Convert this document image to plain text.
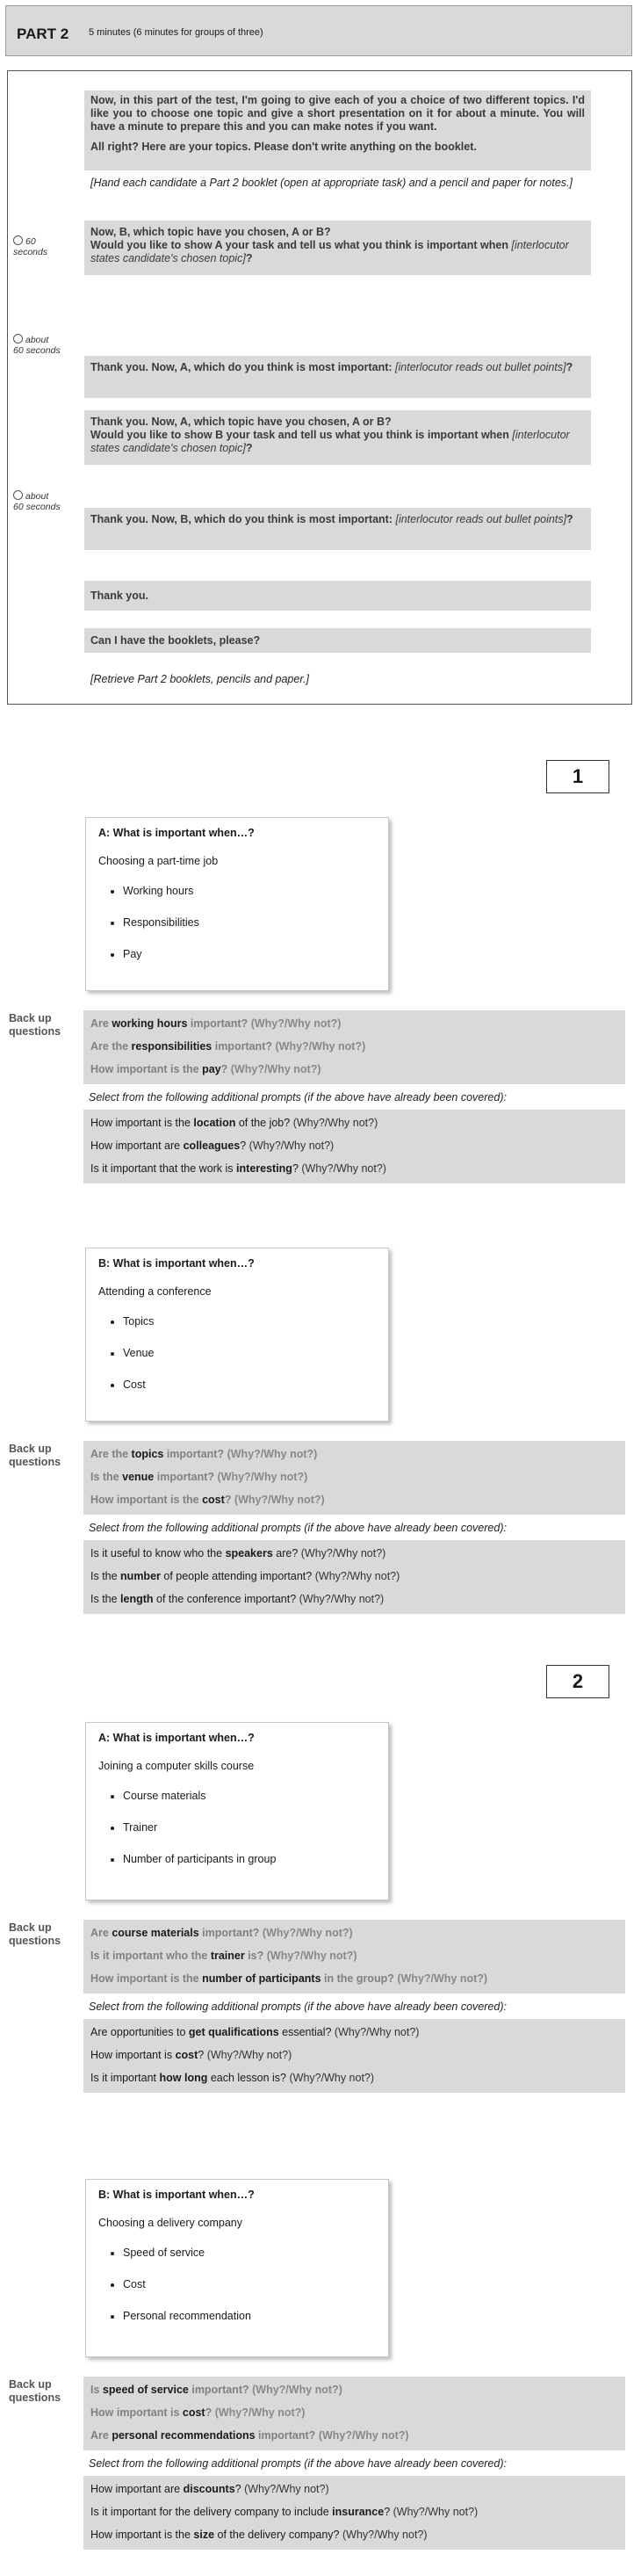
PART 2 5 minutes (6 minutes for groups of three)
Now, in this part of the test, I'm going to give each of you a choice of two different topics. I'd like you to choose one topic and give a short presentation on it for about a minute. You will have a minute to prepare this and you can make notes if you want.
All right? Here are your topics. Please don't write anything on the booklet.
[Hand each candidate a Part 2 booklet (open at appropriate task) and a pencil and paper for notes.]
60
seconds
Now, B, which topic have you chosen, A or B?
Would you like to show A your task and tell us what you think is important when [interlocutor states candidate's chosen topic]?
about
60 seconds
Thank you. Now, A, which do you think is most important: [interlocutor reads out bullet points]?
Thank you. Now, A, which topic have you chosen, A or B?
Would you like to show B your task and tell us what you think is important when [interlocutor states candidate's chosen topic]?
about
60 seconds
Thank you. Now, B, which do you think is most important: [interlocutor reads out bullet points]?
Thank you.
Can I have the booklets, please?
[Retrieve Part 2 booklets, pencils and paper.]
1
A: What is important when…?
Choosing a part-time job
• Working hours
• Responsibilities
• Pay
Back up
questions
Are working hours important? (Why?/Why not?)
Are the responsibilities important? (Why?/Why not?)
How important is the pay? (Why?/Why not?)
Select from the following additional prompts (if the above have already been covered):
How important is the location of the job? (Why?/Why not?)
How important are colleagues? (Why?/Why not?)
Is it important that the work is interesting? (Why?/Why not?)
B: What is important when…?
Attending a conference
• Topics
• Venue
• Cost
Back up
questions
Are the topics important? (Why?/Why not?)
Is the venue important? (Why?/Why not?)
How important is the cost? (Why?/Why not?)
Select from the following additional prompts (if the above have already been covered):
Is it useful to know who the speakers are? (Why?/Why not?)
Is the number of people attending important? (Why?/Why not?)
Is the length of the conference important? (Why?/Why not?)
2
A: What is important when…?
Joining a computer skills course
• Course materials
• Trainer
• Number of participants in group
Back up
questions
Are course materials important? (Why?/Why not?)
Is it important who the trainer is? (Why?/Why not?)
How important is the number of participants in the group? (Why?/Why not?)
Select from the following additional prompts (if the above have already been covered):
Are opportunities to get qualifications essential? (Why?/Why not?)
How important is cost? (Why?/Why not?)
Is it important how long each lesson is? (Why?/Why not?)
B: What is important when…?
Choosing a delivery company
• Speed of service
• Cost
• Personal recommendation
Back up
questions
Is speed of service important? (Why?/Why not?)
How important is cost? (Why?/Why not?)
Are personal recommendations important? (Why?/Why not?)
Select from the following additional prompts (if the above have already been covered):
How important are discounts? (Why?/Why not?)
Is it important for the delivery company to include insurance? (Why?/Why not?)
How important is the size of the delivery company? (Why?/Why not?)
